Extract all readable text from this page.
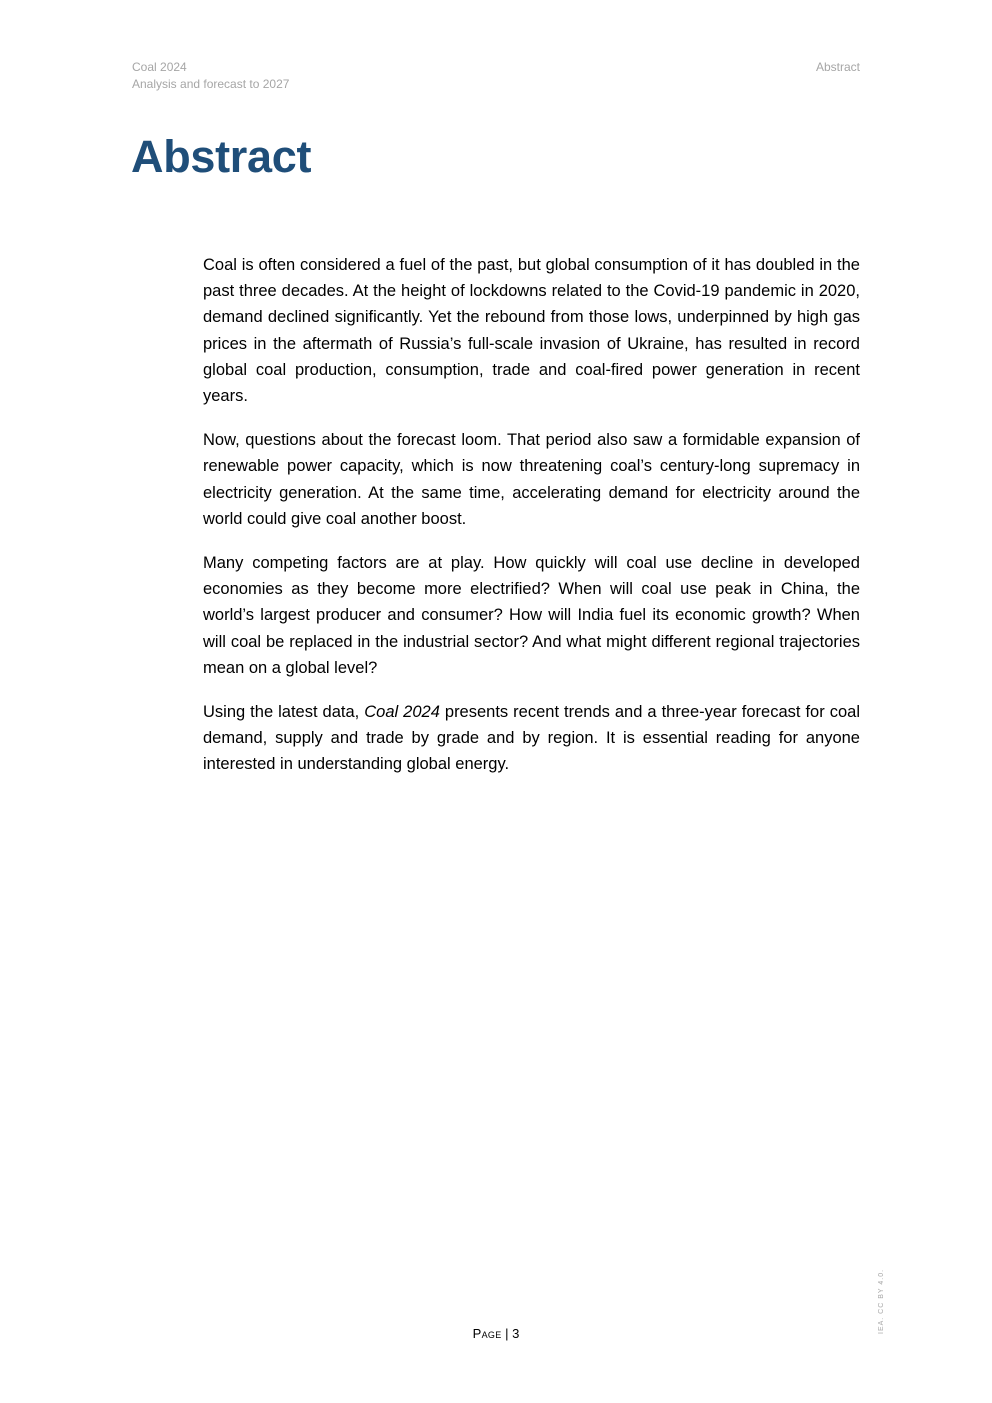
Coal 2024
Analysis and forecast to 2027
Abstract
Abstract

Coal is often considered a fuel of the past, but global consumption of it has doubled in the past three decades. At the height of lockdowns related to the Covid-19 pandemic in 2020, demand declined significantly. Yet the rebound from those lows, underpinned by high gas prices in the aftermath of Russia’s full-scale invasion of Ukraine, has resulted in record global coal production, consumption, trade and coal-fired power generation in recent years.

Now, questions about the forecast loom. That period also saw a formidable expansion of renewable power capacity, which is now threatening coal’s century-long supremacy in electricity generation. At the same time, accelerating demand for electricity around the world could give coal another boost.

Many competing factors are at play. How quickly will coal use decline in developed economies as they become more electrified? When will coal use peak in China, the world’s largest producer and consumer? How will India fuel its economic growth? When will coal be replaced in the industrial sector? And what might different regional trajectories mean on a global level?

Using the latest data, Coal 2024 presents recent trends and a three-year forecast for coal demand, supply and trade by grade and by region. It is essential reading for anyone interested in understanding global energy.

Page | 3	IEA. CC BY 4.0.
